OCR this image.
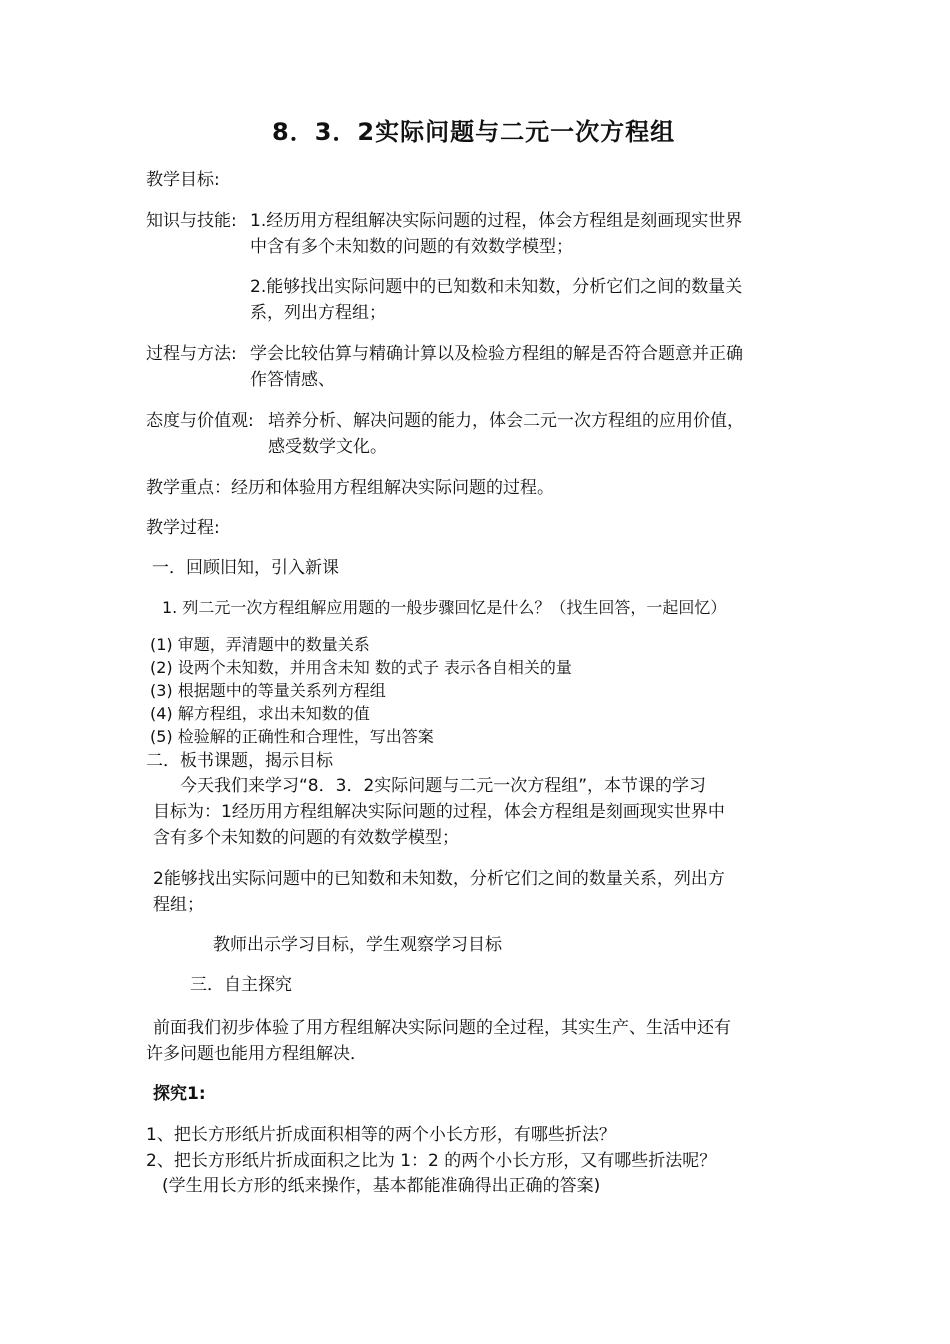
8．3．2实际问题与二元一次方程组
教学目标:
知识与技能: 1.经历用方程组解决实际问题的过程，体会方程组是刻画现实世界
中含有多个未知数的问题的有效数学模型；
2.能够找出实际问题中的已知数和未知数，分析它们之间的数量关
系，列出方程组；
过程与方法: 学会比较估算与精确计算以及检验方程组的解是否符合题意并正确
作答情感、
态度与价值观: 培养分析、解决问题的能力，体会二元一次方程组的应用价值，
感受数学文化。
教学重点：经历和体验用方程组解决实际问题的过程。
教学过程:
一．回顾旧知，引入新课
1. 列二元一次方程组解应用题的一般步骤回忆是什么？（找生回答，一起回忆）
(1) 审题，弄清题中的数量关系
(2) 设两个未知数，并用含未知 数的式子 表示各自相关的量
(3) 根据题中的等量关系列方程组
(4) 解方程组，求出未知数的值
(5) 检验解的正确性和合理性，写出答案
二．板书课题，揭示目标
今天我们来学习“8．3．2实际问题与二元一次方程组”，本节课的学习
目标为：1经历用方程组解决实际问题的过程，体会方程组是刻画现实世界中
含有多个未知数的问题的有效数学模型；
2能够找出实际问题中的已知数和未知数，分析它们之间的数量关系，列出方
程组；
教师出示学习目标，学生观察学习目标
三．自主探究
前面我们初步体验了用方程组解决实际问题的全过程，其实生产、生活中还有
许多问题也能用方程组解决．
探究1:
1、把长方形纸片折成面积相等的两个小长方形，有哪些折法？
2、把长方形纸片折成面积之比为 1：2 的两个小长方形，又有哪些折法呢？
(学生用长方形的纸来操作，基本都能准确得出正确的答案)
